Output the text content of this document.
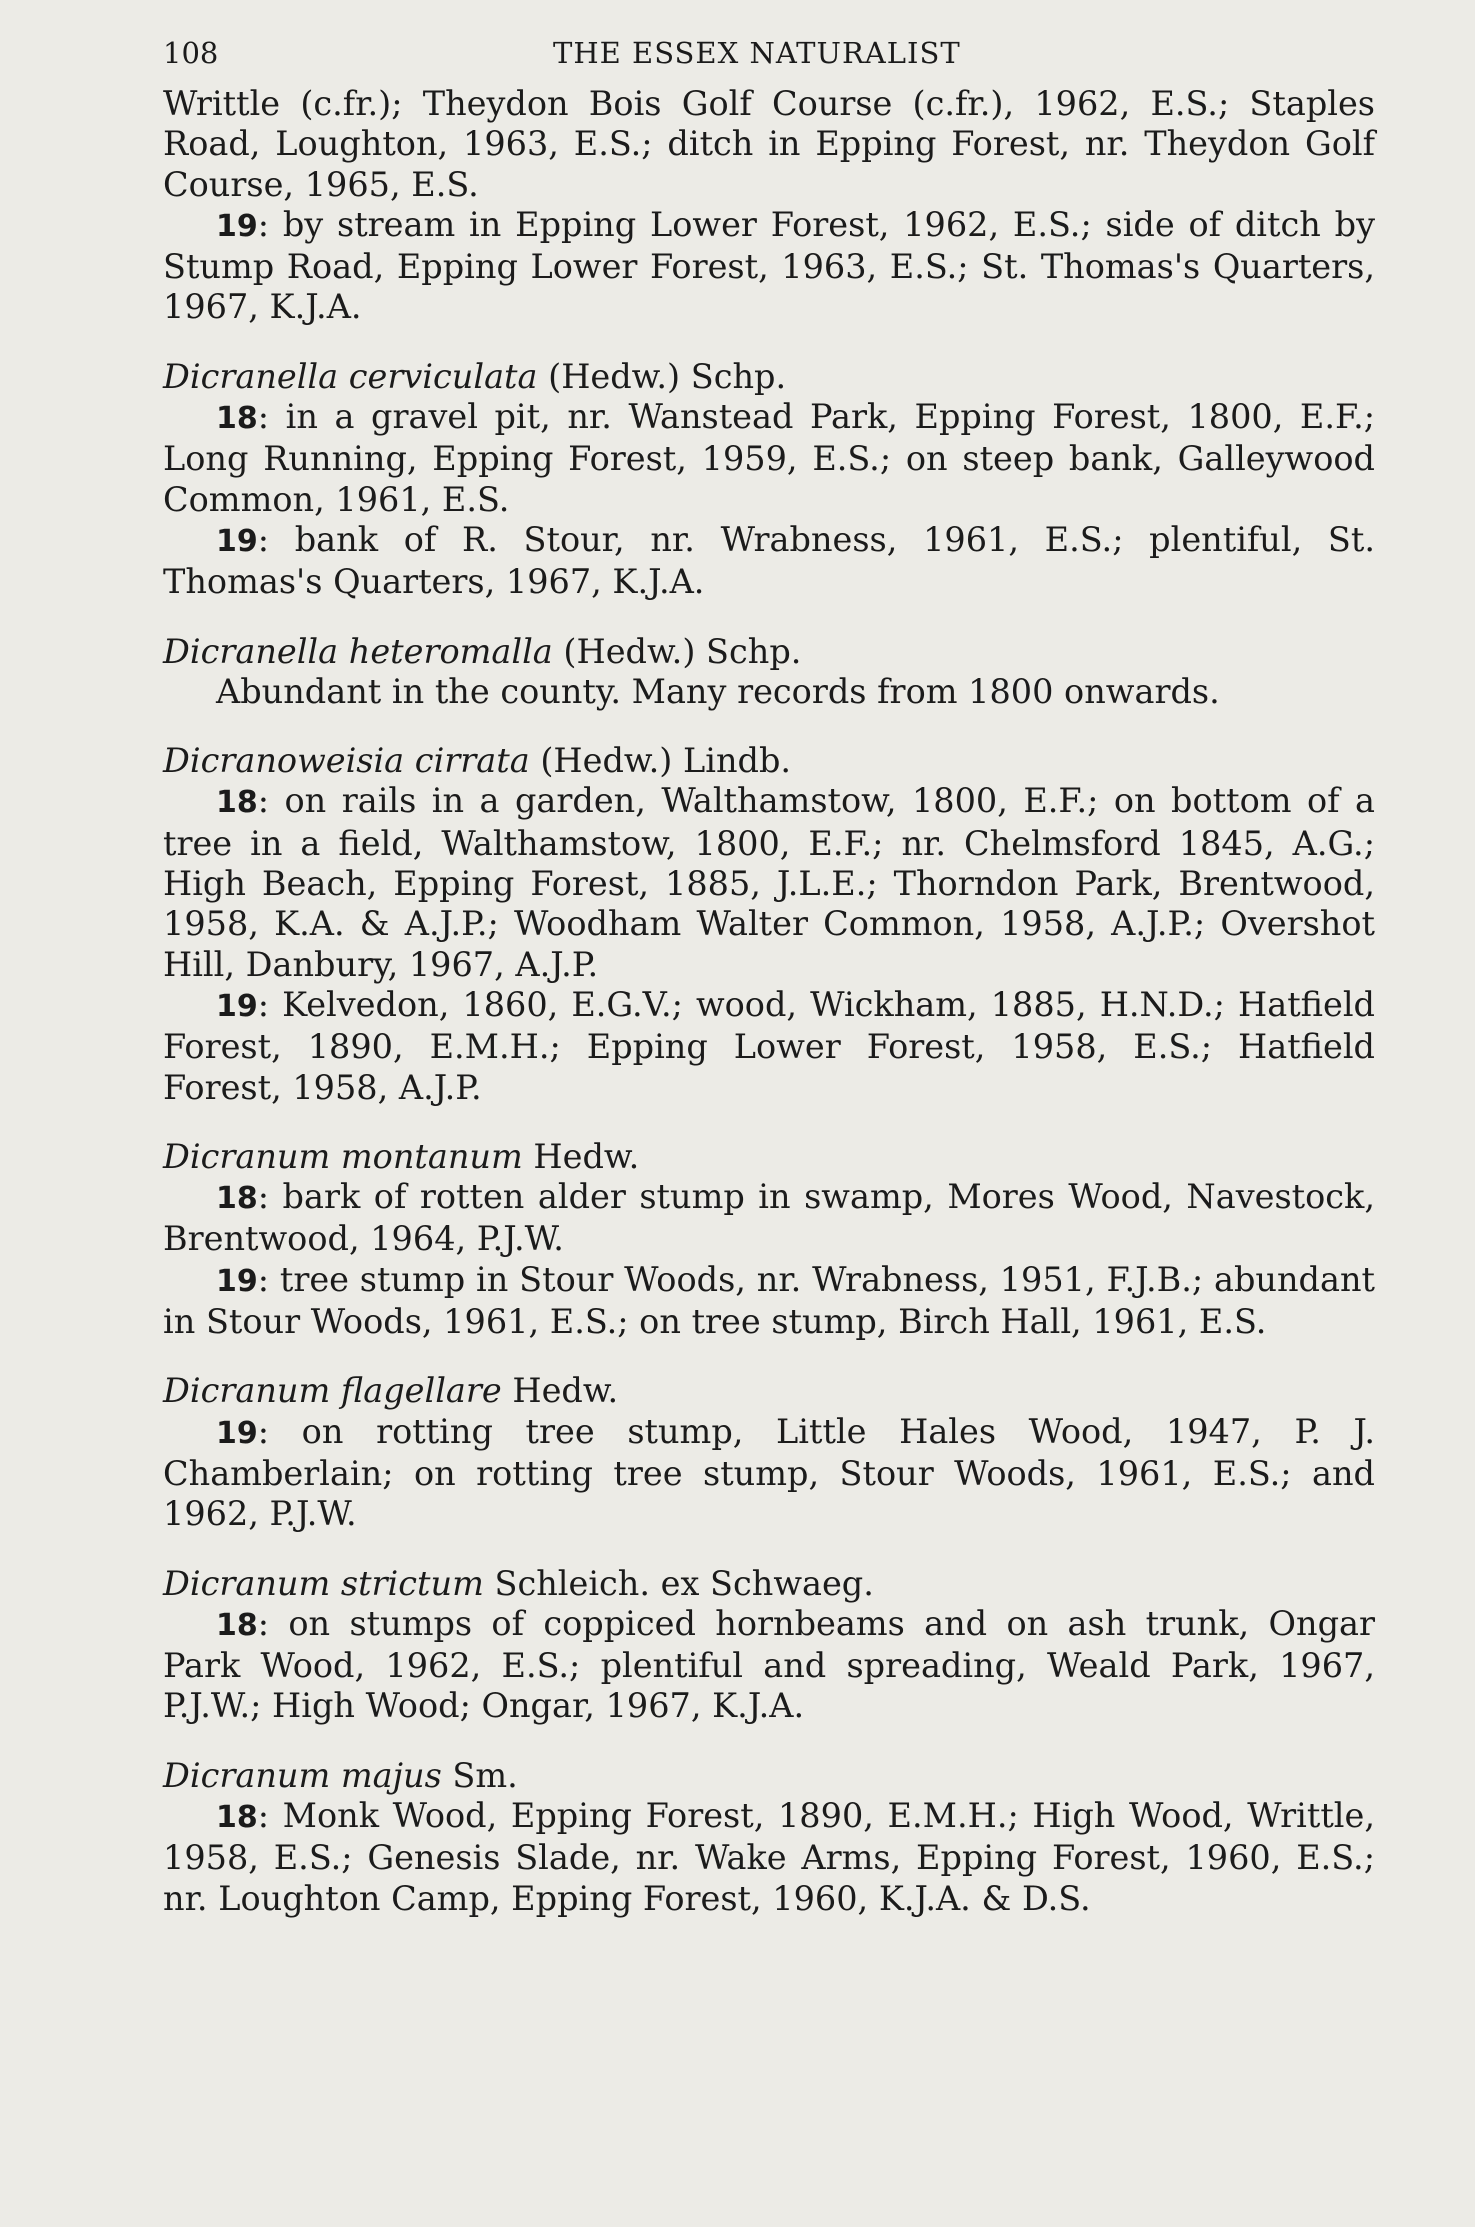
108	THE ESSEX NATURALIST

Writtle (c.fr.); Theydon Bois Golf Course (c.fr.), 1962, E.S.; Staples Road, Loughton, 1963, E.S.; ditch in Epping Forest, nr. Theydon Golf Course, 1965, E.S.

19: by stream in Epping Lower Forest, 1962, E.S.; side of ditch by Stump Road, Epping Lower Forest, 1963, E.S.; St. Thomas's Quarters, 1967, K.J.A.

Dicranella cerviculata (Hedw.) Schp.

18: in a gravel pit, nr. Wanstead Park, Epping Forest, 1800, E.F.; Long Running, Epping Forest, 1959, E.S.; on steep bank, Galleywood Common, 1961, E.S.

19: bank of R. Stour, nr. Wrabness, 1961, E.S.; plentiful, St. Thomas's Quarters, 1967, K.J.A.

Dicranella heteromalla (Hedw.) Schp.

Abundant in the county. Many records from 1800 onwards.

Dicranoweisia cirrata (Hedw.) Lindb.

18: on rails in a garden, Walthamstow, 1800, E.F.; on bottom of a tree in a field, Walthamstow, 1800, E.F.; nr. Chelmsford 1845, A.G.; High Beach, Epping Forest, 1885, J.L.E.; Thorndon Park, Brentwood, 1958, K.A. & A.J.P.; Woodham Walter Common, 1958, A.J.P.; Overshot Hill, Danbury, 1967, A.J.P.

19: Kelvedon, 1860, E.G.V.; wood, Wickham, 1885, H.N.D.; Hatfield Forest, 1890, E.M.H.; Epping Lower Forest, 1958, E.S.; Hatfield Forest, 1958, A.J.P.

Dicranum montanum Hedw.

18: bark of rotten alder stump in swamp, Mores Wood, Navestock, Brentwood, 1964, P.J.W.

19: tree stump in Stour Woods, nr. Wrabness, 1951, F.J.B.; abundant in Stour Woods, 1961, E.S.; on tree stump, Birch Hall, 1961, E.S.

Dicranum flagellare Hedw.

19: on rotting tree stump, Little Hales Wood, 1947, P. J. Chamberlain; on rotting tree stump, Stour Woods, 1961, E.S.; and 1962, P.J.W.

Dicranum strictum Schleich. ex Schwaeg.

18: on stumps of coppiced hornbeams and on ash trunk, Ongar Park Wood, 1962, E.S.; plentiful and spreading, Weald Park, 1967, P.J.W.; High Wood; Ongar, 1967, K.J.A.

Dicranum majus Sm.

18: Monk Wood, Epping Forest, 1890, E.M.H.; High Wood, Writtle, 1958, E.S.; Genesis Slade, nr. Wake Arms, Epping Forest, 1960, E.S.; nr. Loughton Camp, Epping Forest, 1960, K.J.A. & D.S.
